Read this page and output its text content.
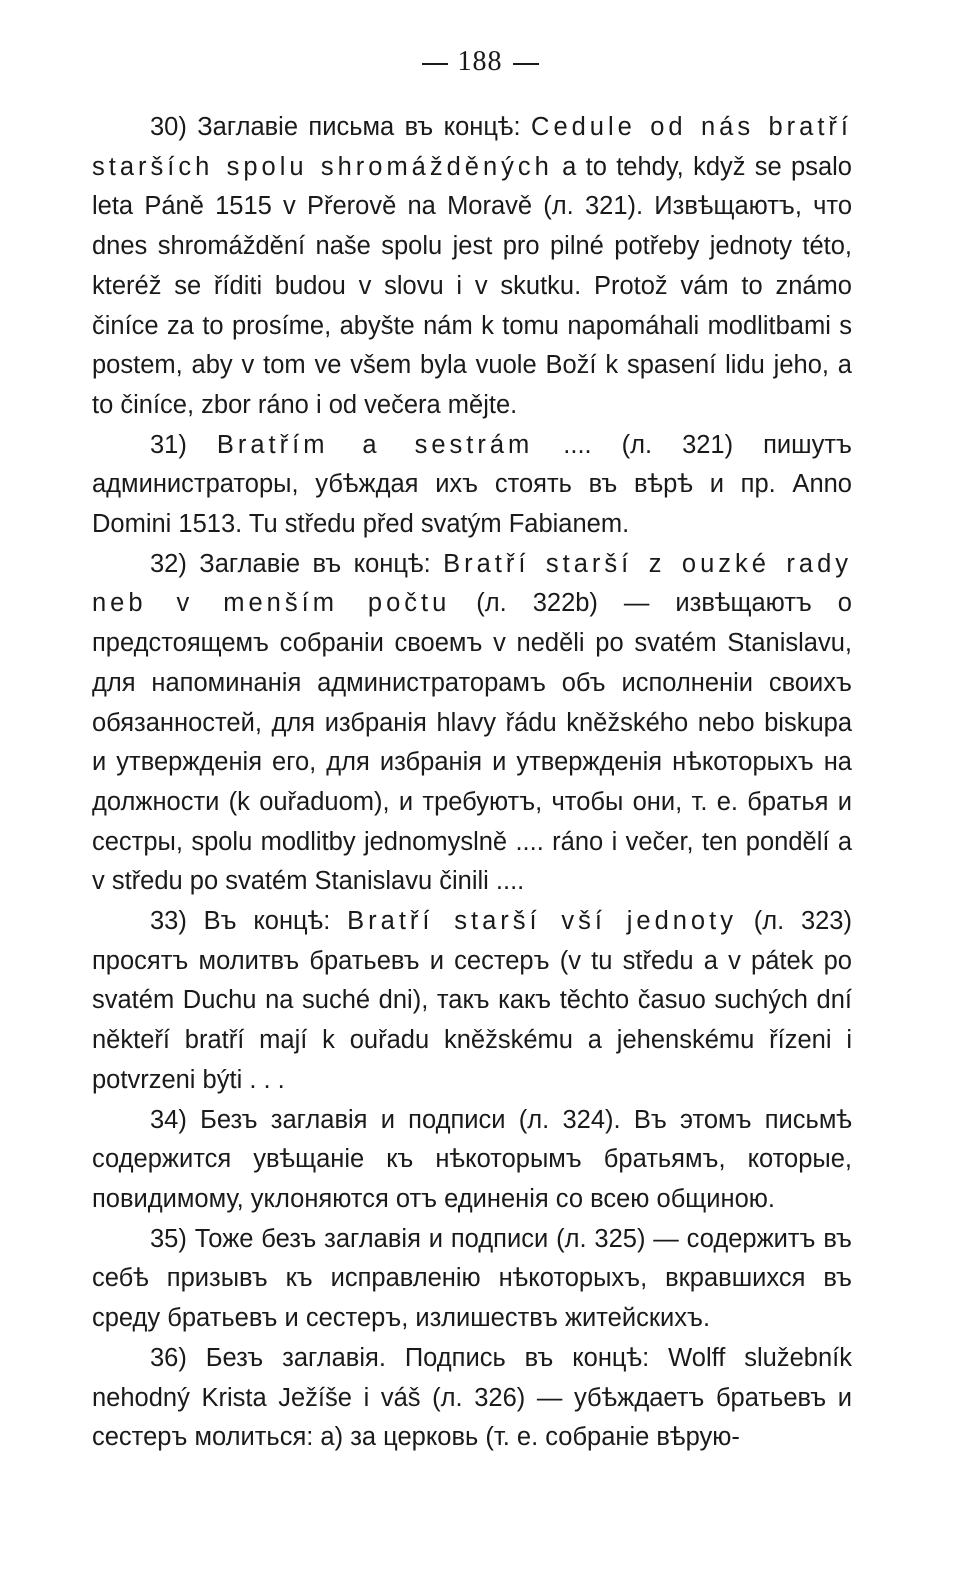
188

30) Заглавіе письма въ концѣ: Cedule od nás bratří starších spolu shromážděných a to tehdy, když se psalo leta Páně 1515 v Přerově na Moravě (л. 321). Извѣщаютъ, что dnes shromáždění naše spolu jest pro pilné potřeby jednoty této, kteréž se říditi budou v slovu i v skutku. Protož vám to známo činíce za to prosíme, abyšte nám k tomu napomáhali modlitbami s postem, aby v tom ve všem byla vuole Boží k spasení lidu jeho, a to činíce, zbor ráno i od večera mějte.

31) Bratřím a sestrám .... (л. 321) пишутъ администраторы, убѣждая ихъ стоять въ вѣрѣ и пр. Anno Domini 1513. Tu středu před svatým Fabianem.

32) Заглавіе въ концѣ: Bratří starší z ouzké rady neb v menším počtu (л. 322b) — извѣщаютъ о предстоящемъ собраніи своемъ v neděli po svatém Stanislavu, для напоминанія администраторамъ объ исполненіи своихъ обязанностей, для избранія hlavy řádu kněžského nebo biskupa и утвержденія его, для избранія и утвержденія нѣкоторыхъ на должности (k ouřaduom), и требуютъ, чтобы они, т. е. братья и сестры, spolu modlitby jednomyslně .... ráno i večer, ten pondělí a v středu po svatém Stanislavu činili ....

33) Въ концѣ: Bratří starší vší jednoty (л. 323) просятъ молитвъ братьевъ и сестеръ (v tu středu a v pátek po svatém Duchu na suché dni), такъ какъ těchto časuo suchých dní někteří bratří mají k ouřadu kněžskému a jehenskému řízeni i potvrzeni býti . . .

34) Безъ заглавія и подписи (л. 324). Въ этомъ письмѣ содержится увѣщаніе къ нѣкоторымъ братьямъ, которые, повидимому, уклоняются отъ единенія со всею общиною.

35) Тоже безъ заглавія и подписи (л. 325) — содержитъ въ себѣ призывъ къ исправленію нѣкоторыхъ, вкравшихся въ среду братьевъ и сестеръ, излишествъ житейскихъ.

36) Безъ заглавія. Подпись въ концѣ: Wolff služebník nehodný Krista Ježíše i váš (л. 326) — убѣждаетъ братьевъ и сестеръ молиться: а) за церковь (т. е. собраніе вѣрую-
